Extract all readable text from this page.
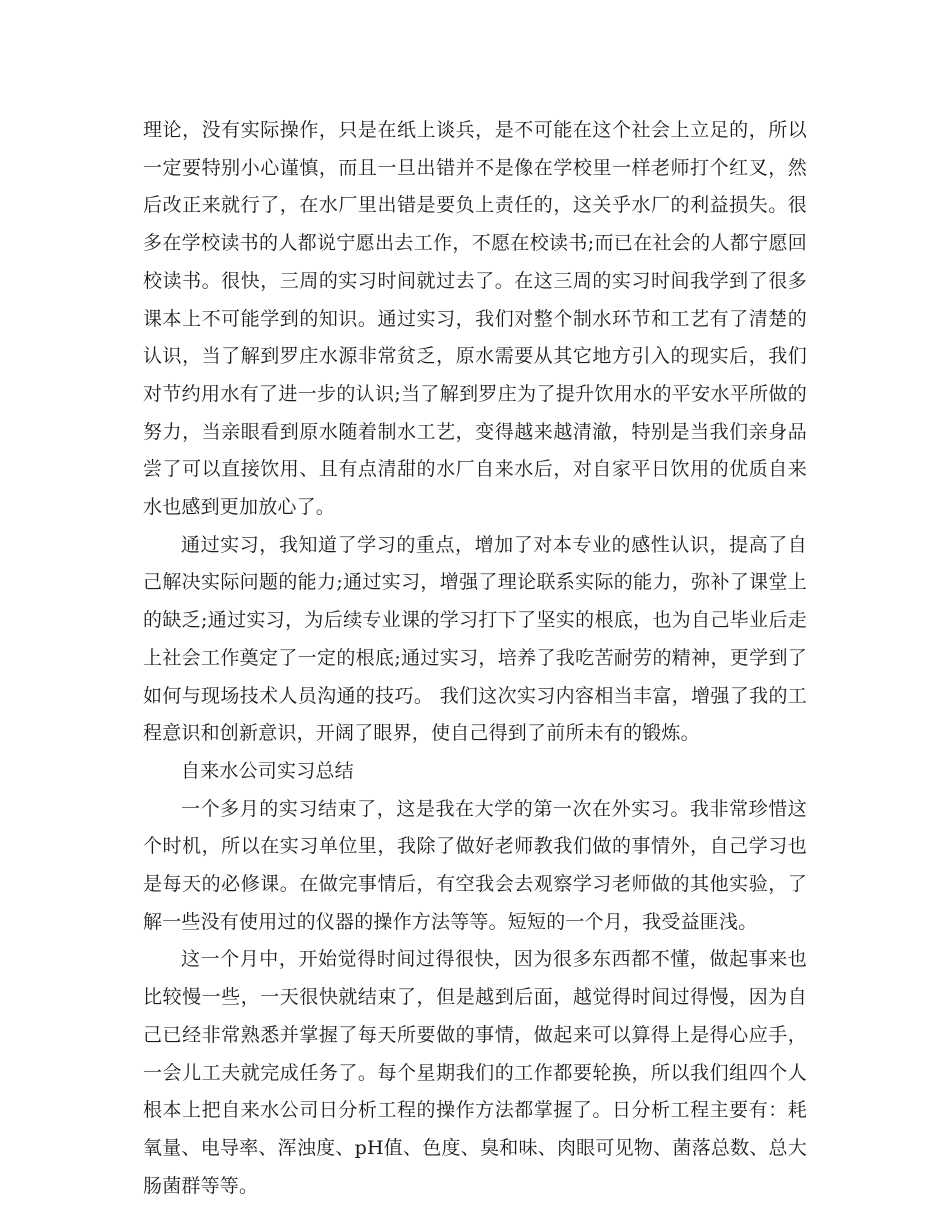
理论，没有实际操作，只是在纸上谈兵，是不可能在这个社会上立足的，所以一定要特别小心谨慎，而且一旦出错并不是像在学校里一样老师打个红叉，然后改正来就行了，在水厂里出错是要负上责任的，这关乎水厂的利益损失。很多在学校读书的人都说宁愿出去工作，不愿在校读书;而已在社会的人都宁愿回校读书。很快，三周的实习时间就过去了。在这三周的实习时间我学到了很多课本上不可能学到的知识。通过实习，我们对整个制水环节和工艺有了清楚的认识，当了解到罗庄水源非常贫乏，原水需要从其它地方引入的现实后，我们对节约用水有了进一步的认识;当了解到罗庄为了提升饮用水的平安水平所做的努力，当亲眼看到原水随着制水工艺，变得越来越清澈，特别是当我们亲身品尝了可以直接饮用、且有点清甜的水厂自来水后，对自家平日饮用的优质自来水也感到更加放心了。

通过实习，我知道了学习的重点，增加了对本专业的感性认识，提高了自己解决实际问题的能力;通过实习，增强了理论联系实际的能力，弥补了课堂上的缺乏;通过实习，为后续专业课的学习打下了坚实的根底，也为自己毕业后走上社会工作奠定了一定的根底;通过实习，培养了我吃苦耐劳的精神，更学到了如何与现场技术人员沟通的技巧。 我们这次实习内容相当丰富，增强了我的工程意识和创新意识，开阔了眼界，使自己得到了前所未有的锻炼。

自来水公司实习总结

一个多月的实习结束了，这是我在大学的第一次在外实习。我非常珍惜这个时机，所以在实习单位里，我除了做好老师教我们做的事情外，自己学习也是每天的必修课。在做完事情后，有空我会去观察学习老师做的其他实验，了解一些没有使用过的仪器的操作方法等等。短短的一个月，我受益匪浅。

这一个月中，开始觉得时间过得很快，因为很多东西都不懂，做起事来也比较慢一些，一天很快就结束了，但是越到后面，越觉得时间过得慢，因为自己已经非常熟悉并掌握了每天所要做的事情，做起来可以算得上是得心应手，一会儿工夫就完成任务了。每个星期我们的工作都要轮换，所以我们组四个人根本上把自来水公司日分析工程的操作方法都掌握了。日分析工程主要有：耗氧量、电导率、浑浊度、pH值、色度、臭和味、肉眼可见物、菌落总数、总大肠菌群等等。
